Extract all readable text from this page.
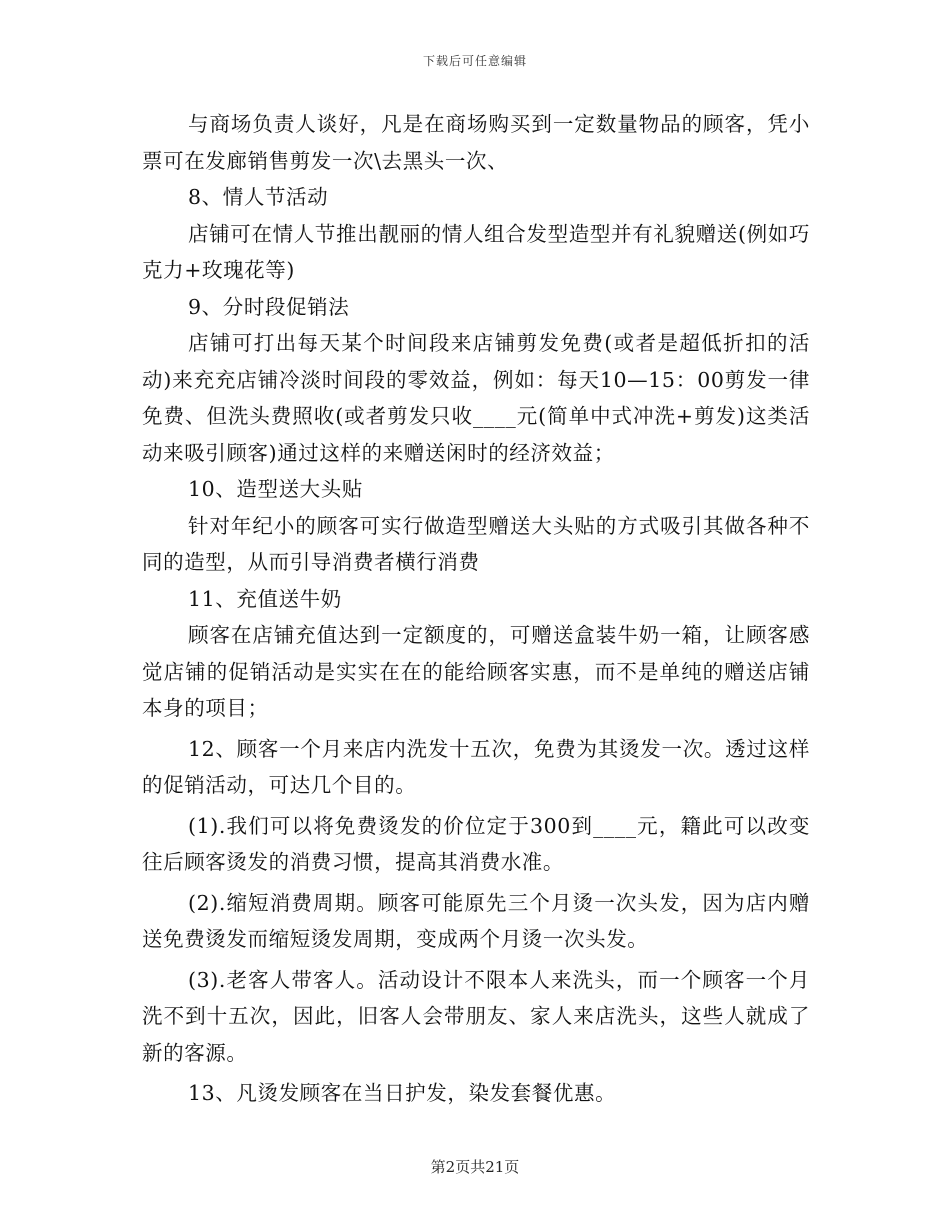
下载后可任意编辑

与商场负责人谈好，凡是在商场购买到一定数量物品的顾客，凭小票可在发廊销售剪发一次\去黑头一次、

8、情人节活动

店铺可在情人节推出靓丽的情人组合发型造型并有礼貌赠送(例如巧克力+玫瑰花等)

9、分时段促销法

店铺可打出每天某个时间段来店铺剪发免费(或者是超低折扣的活动)来充充店铺冷淡时间段的零效益，例如：每天10—15：00剪发一律免费、但洗头费照收(或者剪发只收____元(简单中式冲洗+剪发)这类活动来吸引顾客)通过这样的来赠送闲时的经济效益；

10、造型送大头贴

针对年纪小的顾客可实行做造型赠送大头贴的方式吸引其做各种不同的造型，从而引导消费者横行消费

11、充值送牛奶

顾客在店铺充值达到一定额度的，可赠送盒装牛奶一箱，让顾客感觉店铺的促销活动是实实在在的能给顾客实惠，而不是单纯的赠送店铺本身的项目；

12、顾客一个月来店内洗发十五次，免费为其烫发一次。透过这样的促销活动，可达几个目的。

(1).我们可以将免费烫发的价位定于300到____元，籍此可以改变往后顾客烫发的消费习惯，提高其消费水准。

(2).缩短消费周期。顾客可能原先三个月烫一次头发，因为店内赠送免费烫发而缩短烫发周期，变成两个月烫一次头发。

(3).老客人带客人。活动设计不限本人来洗头，而一个顾客一个月洗不到十五次，因此，旧客人会带朋友、家人来店洗头，这些人就成了新的客源。

13、凡烫发顾客在当日护发，染发套餐优惠。

第2页共21页
